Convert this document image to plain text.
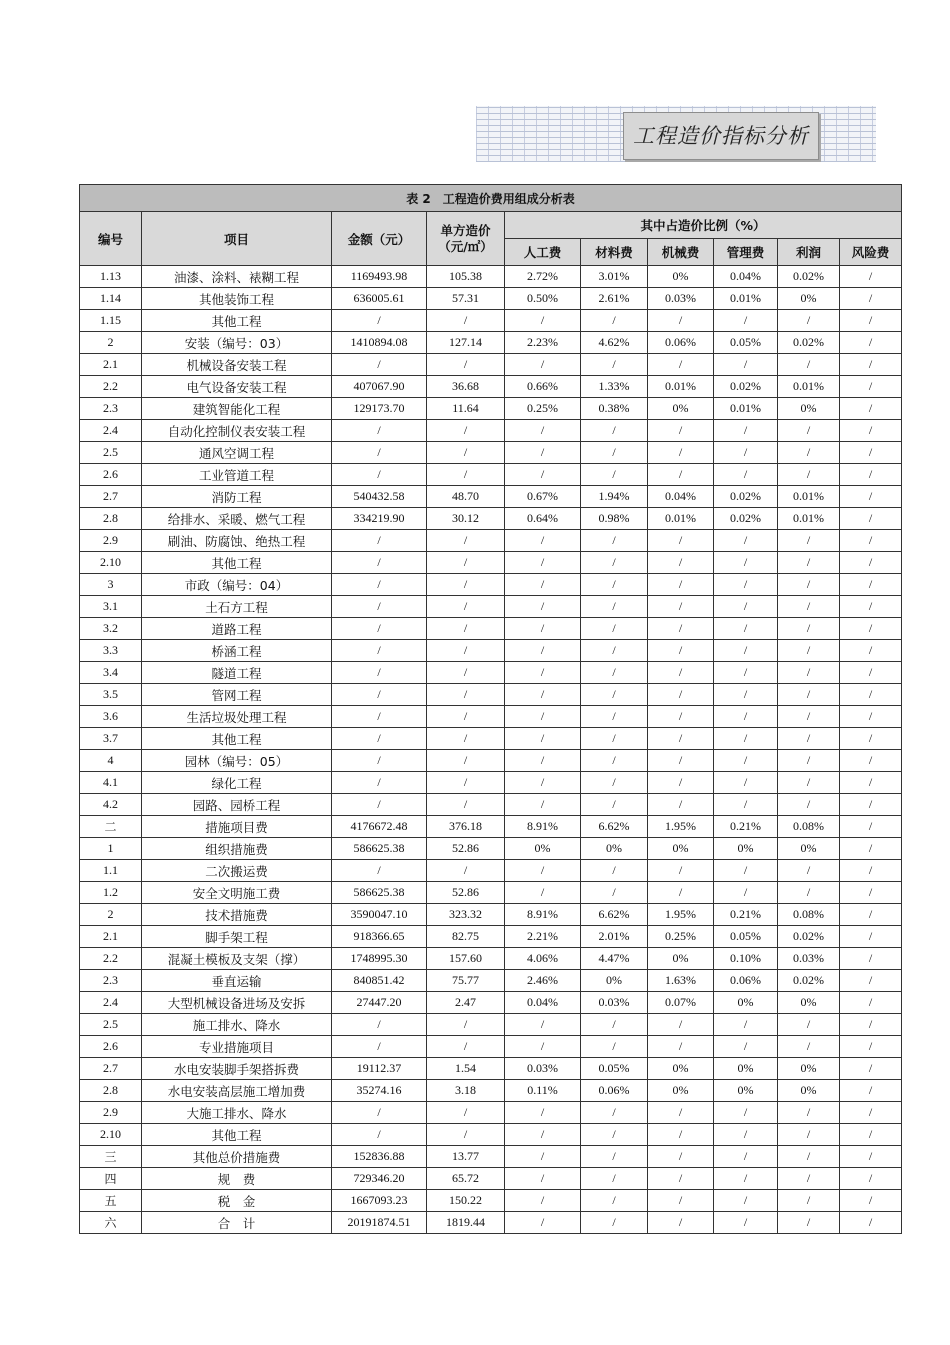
工程造价指标分析
表 2　工程造价费用组成分析表									
编号	项目	金额（元）	单方造价（元/㎡）	其中占造价比例（%）					
				人工费	材料费	机械费	管理费	利润	风险费
1.13	油漆、涂料、裱糊工程	1169493.98	105.38	2.72%	3.01%	0%	0.04%	0.02%	/
1.14	其他装饰工程	636005.61	57.31	0.50%	2.61%	0.03%	0.01%	0%	/
1.15	其他工程	/	/	/	/	/	/	/	/
2	安装（编号：03）	1410894.08	127.14	2.23%	4.62%	0.06%	0.05%	0.02%	/
2.1	机械设备安装工程	/	/	/	/	/	/	/	/
2.2	电气设备安装工程	407067.90	36.68	0.66%	1.33%	0.01%	0.02%	0.01%	/
2.3	建筑智能化工程	129173.70	11.64	0.25%	0.38%	0%	0.01%	0%	/
2.4	自动化控制仪表安装工程	/	/	/	/	/	/	/	/
2.5	通风空调工程	/	/	/	/	/	/	/	/
2.6	工业管道工程	/	/	/	/	/	/	/	/
2.7	消防工程	540432.58	48.70	0.67%	1.94%	0.04%	0.02%	0.01%	/
2.8	给排水、采暖、燃气工程	334219.90	30.12	0.64%	0.98%	0.01%	0.02%	0.01%	/
2.9	刷油、防腐蚀、绝热工程	/	/	/	/	/	/	/	/
2.10	其他工程	/	/	/	/	/	/	/	/
3	市政（编号：04）	/	/	/	/	/	/	/	/
3.1	土石方工程	/	/	/	/	/	/	/	/
3.2	道路工程	/	/	/	/	/	/	/	/
3.3	桥涵工程	/	/	/	/	/	/	/	/
3.4	隧道工程	/	/	/	/	/	/	/	/
3.5	管网工程	/	/	/	/	/	/	/	/
3.6	生活垃圾处理工程	/	/	/	/	/	/	/	/
3.7	其他工程	/	/	/	/	/	/	/	/
4	园林（编号：05）	/	/	/	/	/	/	/	/
4.1	绿化工程	/	/	/	/	/	/	/	/
4.2	园路、园桥工程	/	/	/	/	/	/	/	/
二	措施项目费	4176672.48	376.18	8.91%	6.62%	1.95%	0.21%	0.08%	/
1	组织措施费	586625.38	52.86	0%	0%	0%	0%	0%	/
1.1	二次搬运费	/	/	/	/	/	/	/	/
1.2	安全文明施工费	586625.38	52.86	/	/	/	/	/	/
2	技术措施费	3590047.10	323.32	8.91%	6.62%	1.95%	0.21%	0.08%	/
2.1	脚手架工程	918366.65	82.75	2.21%	2.01%	0.25%	0.05%	0.02%	/
2.2	混凝土模板及支架（撑）	1748995.30	157.60	4.06%	4.47%	0%	0.10%	0.03%	/
2.3	垂直运输	840851.42	75.77	2.46%	0%	1.63%	0.06%	0.02%	/
2.4	大型机械设备进场及安拆	27447.20	2.47	0.04%	0.03%	0.07%	0%	0%	/
2.5	施工排水、降水	/	/	/	/	/	/	/	/
2.6	专业措施项目	/	/	/	/	/	/	/	/
2.7	水电安装脚手架搭拆费	19112.37	1.54	0.03%	0.05%	0%	0%	0%	/
2.8	水电安装高层施工增加费	35274.16	3.18	0.11%	0.06%	0%	0%	0%	/
2.9	大施工排水、降水	/	/	/	/	/	/	/	/
2.10	其他工程	/	/	/	/	/	/	/	/
三	其他总价措施费	152836.88	13.77	/	/	/	/	/	/
四	规　费	729346.20	65.72	/	/	/	/	/	/
五	税　金	1667093.23	150.22	/	/	/	/	/	/
六	合　计	20191874.51	1819.44	/	/	/	/	/	/
